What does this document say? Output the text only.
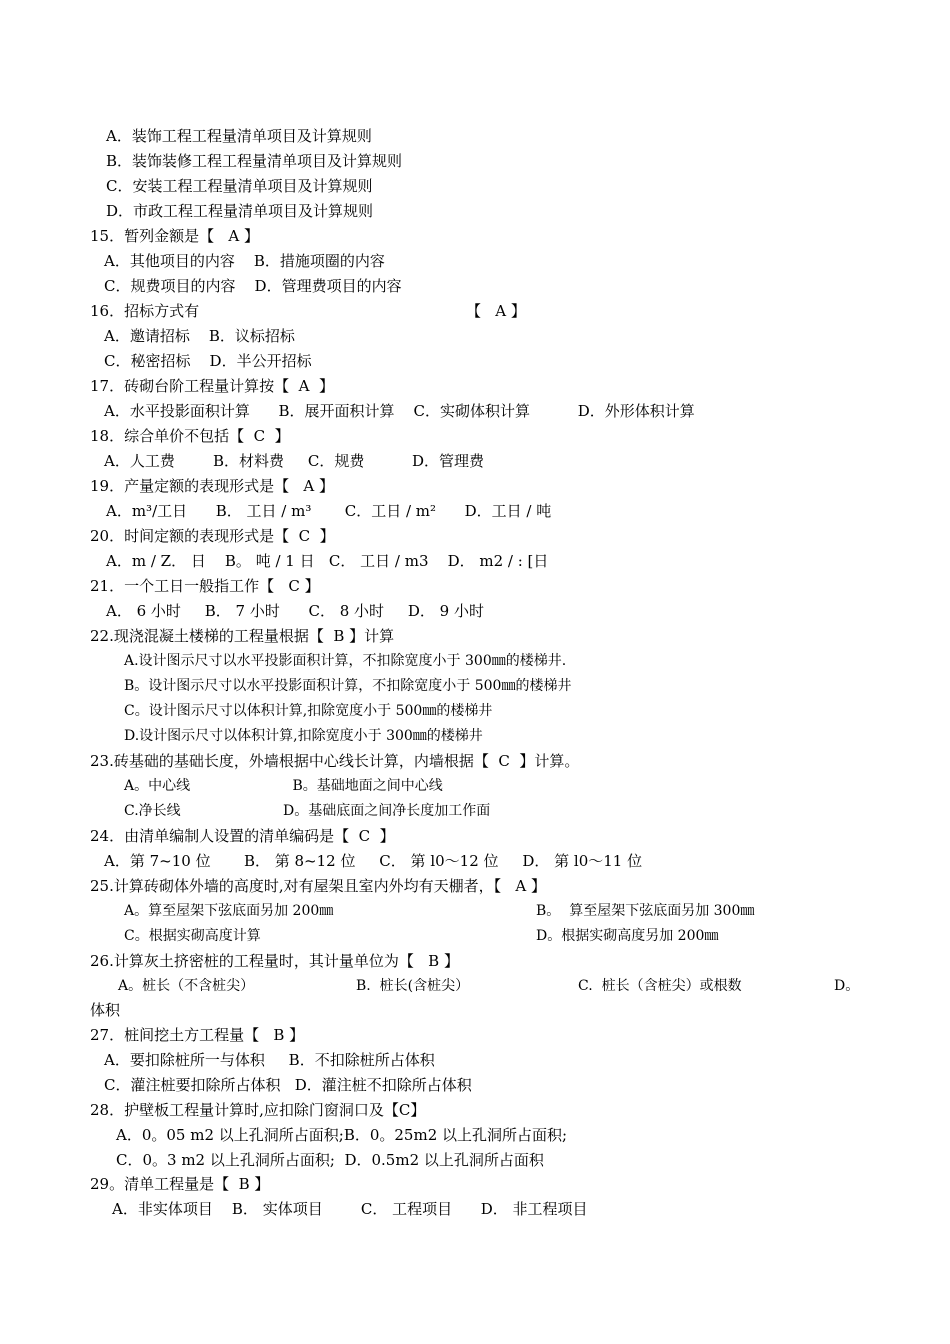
A．装饰工程工程量清单项目及计算规则
B．装饰装修工程工程量清单项目及计算规则
C．安装工程工程量清单项目及计算规则
D．市政工程工程量清单项目及计算规则
15．暂列金额是【   A 】
A．其他项目的内容    B．措施项圈的内容
C．规费项目的内容    D．管理费项目的内容
16．招标方式有	【   A 】
A．邀请招标    B．议标招标
C．秘密招标    D．半公开招标
17．砖砌台阶工程量计算按【  A  】
A．水平投影面积计算      B．展开面积计算    C．实砌体积计算          D．外形体积计算
18．综合单价不包括【  C  】
A．人工费        B．材料费     C．规费          D．管理费
19．产量定额的表现形式是【   A 】
A．m³/工日      B． 工日 / m³       C．工日 / m²      D．工日 / 吨
20．时间定额的表现形式是【  C  】
A．m / Z． 日    B。 吨 / 1 日   C． 工日 / m3    D． m2 / : [日
21．一个工日一般指工作【   C 】
A． 6 小时     B． 7 小时      C． 8 小时     D． 9 小时
22.现浇混凝土楼梯的工程量根据【  B 】计算
A.设计图示尺寸以水平投影面积计算，不扣除宽度小于 300㎜的楼梯井.
B。设计图示尺寸以水平投影面积计算，不扣除宽度小于 500㎜的楼梯井
C。设计图示尺寸以体积计算,扣除宽度小于 500㎜的楼梯井
D.设计图示尺寸以体积计算,扣除宽度小于 300㎜的楼梯井
23.砖基础的基础长度，外墙根据中心线长计算，内墙根据【  C  】计算。
A。中心线                       B。基础地面之间中心线
C.净长线                       D。基础底面之间净长度加工作面
24．由清单编制人设置的清单编码是【  C  】
A．第 7~10 位       B． 第 8~12 位     C． 第 l0～12 位     D． 第 l0～11 位
25.计算砖砌体外墙的高度时,对有屋架且室内外均有天棚者，【   A 】
A。算至屋架下弦底面另加 200㎜	B。  算至屋架下弦底面另加 300㎜
C。根据实砌高度计算	D。根据实砌高度另加 200㎜
26.计算灰土挤密桩的工程量时，其计量单位为【   B 】
A。桩长（不含桩尖）	B.  桩长(含桩尖）	C.  桩长（含桩尖）或根数	D。
体积
27．桩间挖土方工程量【   B 】
A．要扣除桩所一与体积     B．不扣除桩所占体积
C．灌注桩要扣除所占体积   D．灌注桩不扣除所占体积
28．护壁板工程量计算时,应扣除门窗洞口及【C】
A．0。05 m2 以上孔洞所占面积;B．0。25m2 以上孔洞所占面积;
C．0。3 m2 以上孔洞所占面积;  D．0.5m2 以上孔洞所占面积
29。清单工程量是【  B 】
A．非实体项目    B． 实体项目        C． 工程项目      D． 非工程项目
